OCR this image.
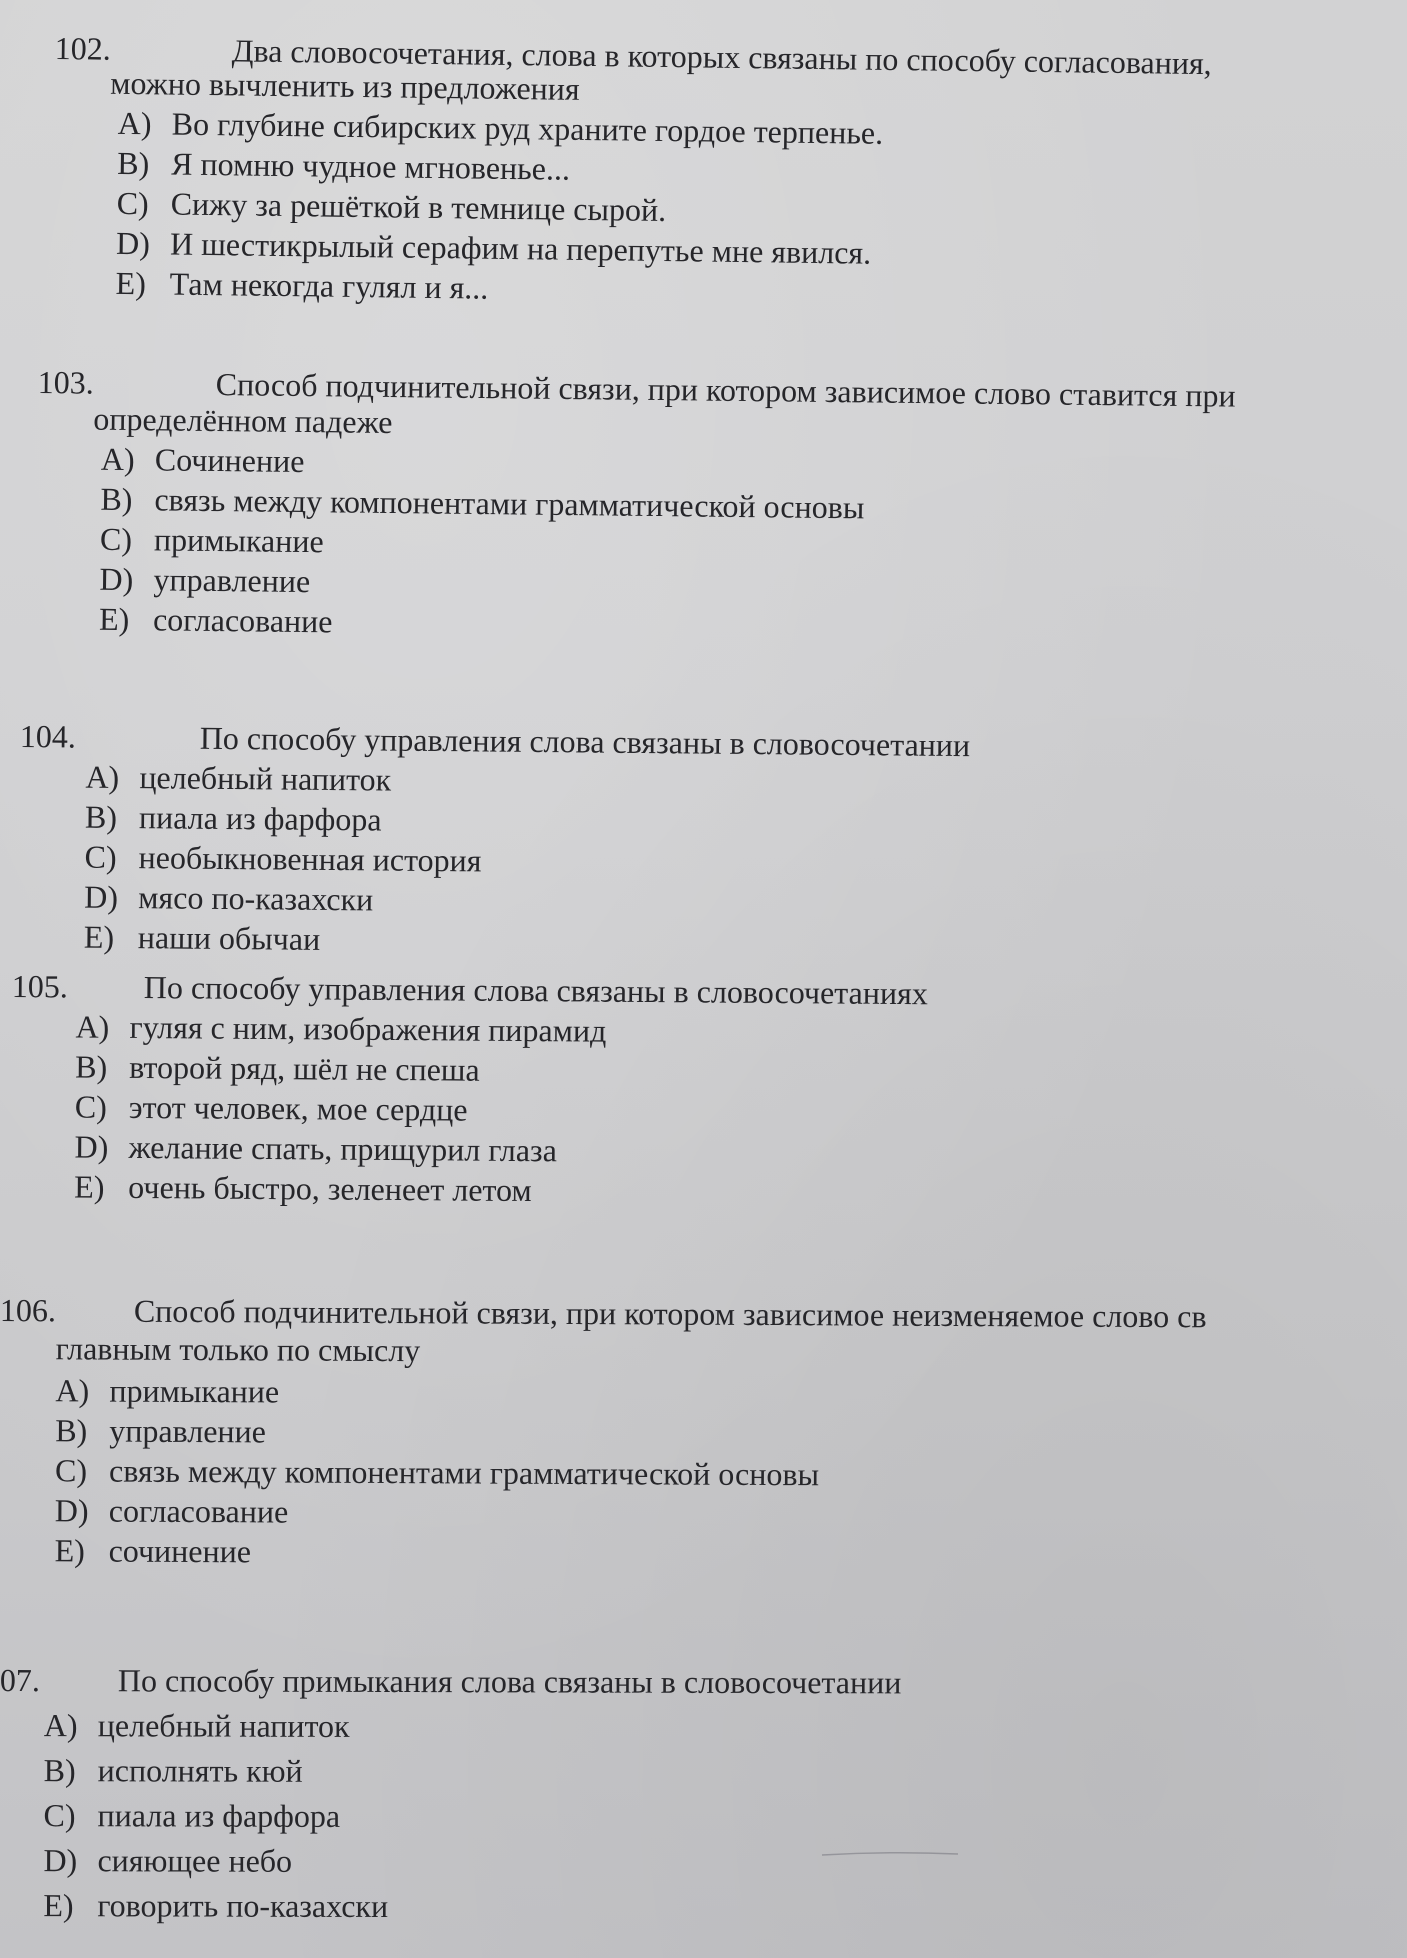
102.	Два словосочетания, слова в которых связаны по способу согласования,
можно вычленить из предложения
A) Во глубине сибирских руд храните гордое терпенье.
B) Я помню чудное мгновенье...
C) Сижу за решёткой в темнице сырой.
D) И шестикрылый серафим на перепутье мне явился.
E) Там некогда гулял и я...
103.	Способ подчинительной связи, при котором зависимое слово ставится при
определённом падеже
A) Сочинение
B) связь между компонентами грамматической основы
C) примыкание
D) управление
E) согласование
104.	По способу управления слова связаны в словосочетании
A) целебный напиток
B) пиала из фарфора
C) необыкновенная история
D) мясо по-казахски
E) наши обычаи
105. По способу управления слова связаны в словосочетаниях
A) гуляя с ним, изображения пирамид
B) второй ряд, шёл не спеша
C) этот человек, мое сердце
D) желание спать, прищурил глаза
E) очень быстро, зеленеет летом
106. Способ подчинительной связи, при котором зависимое неизменяемое слово св
главным только по смыслу
A) примыкание
B) управление
C) связь между компонентами грамматической основы
D) согласование
E) сочинение
07. По способу примыкания слова связаны в словосочетании
A) целебный напиток
B) исполнять кюй
C) пиала из фарфора
D) сияющее небо
E) говорить по-казахски
